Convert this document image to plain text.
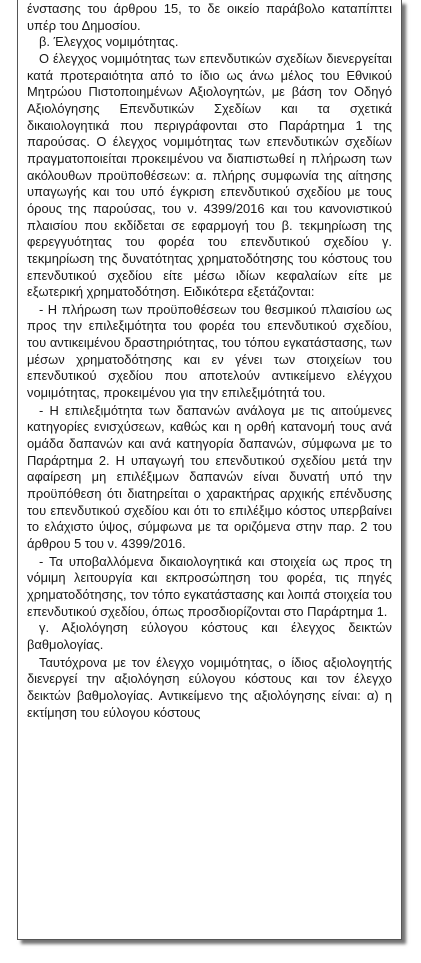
ένστασης του άρθρου 15, το δε οικείο παράβολο καταπίπτει υπέρ του Δημοσίου.

β. Έλεγχος νομιμότητας.

Ο έλεγχος νομιμότητας των επενδυτικών σχεδίων διενεργείται κατά προτεραιότητα από το ίδιο ως άνω μέλος του Εθνικού Μητρώου Πιστοποιημένων Αξιολογητών, με βάση τον Οδηγό Αξιολόγησης Επενδυτικών Σχεδίων και τα σχετικά δικαιολογητικά που περιγράφονται στο Παράρτημα 1 της παρούσας. Ο έλεγχος νομιμότητας των επενδυτικών σχεδίων πραγματοποιείται προκειμένου να διαπιστωθεί η πλήρωση των ακόλουθων προϋποθέσεων: α. πλήρης συμφωνία της αίτησης υπαγωγής και του υπό έγκριση επενδυτικού σχεδίου με τους όρους της παρούσας, του ν. 4399/2016 και του κανονιστικού πλαισίου που εκδίδεται σε εφαρμογή του β. τεκμηρίωση της φερεγγυότητας του φορέα του επενδυτικού σχεδίου γ. τεκμηρίωση της δυνατότητας χρηματοδότησης του κόστους του επενδυτικού σχεδίου είτε μέσω ιδίων κεφαλαίων είτε με εξωτερική χρηματοδότηση. Ειδικότερα εξετάζονται:

- Η πλήρωση των προϋποθέσεων του θεσμικού πλαισίου ως προς την επιλεξιμότητα του φορέα του επενδυτικού σχεδίου, του αντικειμένου δραστηριότητας, του τόπου εγκατάστασης, των μέσων χρηματοδότησης και εν γένει των στοιχείων του επενδυτικού σχεδίου που αποτελούν αντικείμενο ελέγχου νομιμότητας, προκειμένου για την επιλεξιμότητά του.

- Η επιλεξιμότητα των δαπανών ανάλογα με τις αιτούμενες κατηγορίες ενισχύσεων, καθώς και η ορθή κατανομή τους ανά ομάδα δαπανών και ανά κατηγορία δαπανών, σύμφωνα με το Παράρτημα 2. Η υπαγωγή του επενδυτικού σχεδίου μετά την αφαίρεση μη επιλέξιμων δαπανών είναι δυνατή υπό την προϋπόθεση ότι διατηρείται ο χαρακτήρας αρχικής επένδυσης του επενδυτικού σχεδίου και ότι το επιλέξιμο κόστος υπερβαίνει το ελάχιστο ύψος, σύμφωνα με τα οριζόμενα στην παρ. 2 του άρθρου 5 του ν. 4399/2016.

- Τα υποβαλλόμενα δικαιολογητικά και στοιχεία ως προς τη νόμιμη λειτουργία και εκπροσώπηση του φορέα, τις πηγές χρηματοδότησης, τον τόπο εγκατάστασης και λοιπά στοιχεία του επενδυτικού σχεδίου, όπως προσδιορίζονται στο Παράρτημα 1.

γ. Αξιολόγηση εύλογου κόστους και έλεγχος δεικτών βαθμολογίας.

Ταυτόχρονα με τον έλεγχο νομιμότητας, ο ίδιος αξιολογητής διενεργεί την αξιολόγηση εύλογου κόστους και τον έλεγχο δεικτών βαθμολογίας. Αντικείμενο της αξιολόγησης είναι: α) η εκτίμηση του εύλογου κόστους
